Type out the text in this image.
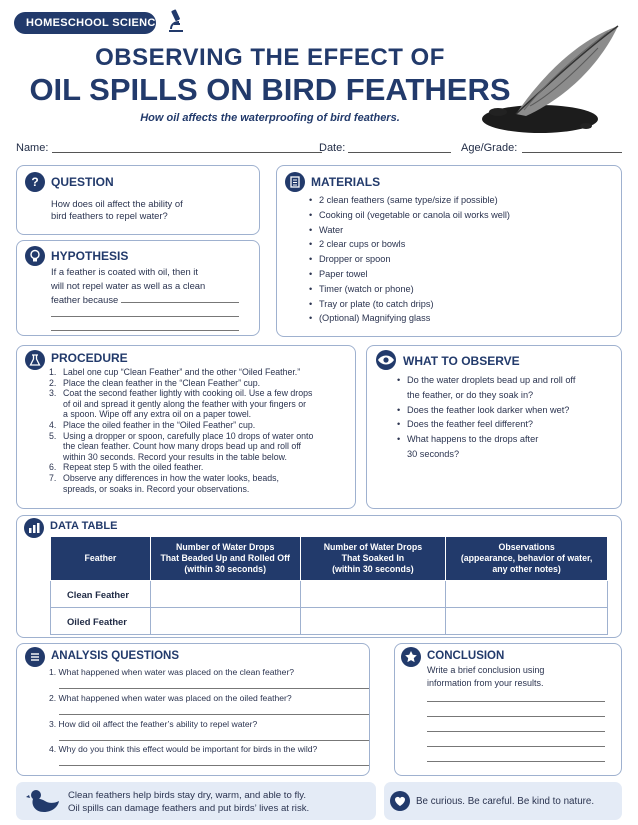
HOMESCHOOL SCIENCE
OBSERVING THE EFFECT OF
OIL SPILLS ON BIRD FEATHERS
How oil affects the waterproofing of bird feathers.
Name:	Date:	Age/Grade:
?	QUESTION
How does oil affect the ability of
bird feathers to repel water?
HYPOTHESIS
If a feather is coated with oil, then it
will not repel water as well as a clean
feather because
MATERIALS
• 2 clean feathers (same type/size if possible)
• Cooking oil (vegetable or canola oil works well)
• Water
• 2 clear cups or bowls
• Dropper or spoon
• Paper towel
• Timer (watch or phone)
• Tray or plate (to catch drips)
• (Optional) Magnifying glass
PROCEDURE
1. Label one cup “Clean Feather” and the other “Oiled Feather.”
2. Place the clean feather in the “Clean Feather” cup.
3. Coat the second feather lightly with cooking oil. Use a few drops
of oil and spread it gently along the feather with your fingers or
a spoon. Wipe off any extra oil on a paper towel.
4. Place the oiled feather in the “Oiled Feather” cup.
5. Using a dropper or spoon, carefully place 10 drops of water onto
the clean feather. Count how many drops bead up and roll off
within 30 seconds. Record your results in the table below.
6. Repeat step 5 with the oiled feather.
7. Observe any differences in how the water looks, beads,
spreads, or soaks in. Record your observations.
WHAT TO OBSERVE
• Do the water droplets bead up and roll off
the feather, or do they soak in?
• Does the feather look darker when wet?
• Does the feather feel different?
• What happens to the drops after
30 seconds?
DATA TABLE
Feather	Number of Water Drops
That Beaded Up and Rolled Off
(within 30 seconds)	Number of Water Drops
That Soaked In
(within 30 seconds)	Observations
(appearance, behavior of water,
any other notes)
Clean Feather			
Oiled Feather			
ANALYSIS QUESTIONS
1. What happened when water was placed on the clean feather?
2. What happened when water was placed on the oiled feather?
3. How did oil affect the feather’s ability to repel water?
4. Why do you think this effect would be important for birds in the wild?
CONCLUSION
Write a brief conclusion using
information from your results.
Clean feathers help birds stay dry, warm, and able to fly.
Oil spills can damage feathers and put birds’ lives at risk.
Be curious. Be careful. Be kind to nature.
